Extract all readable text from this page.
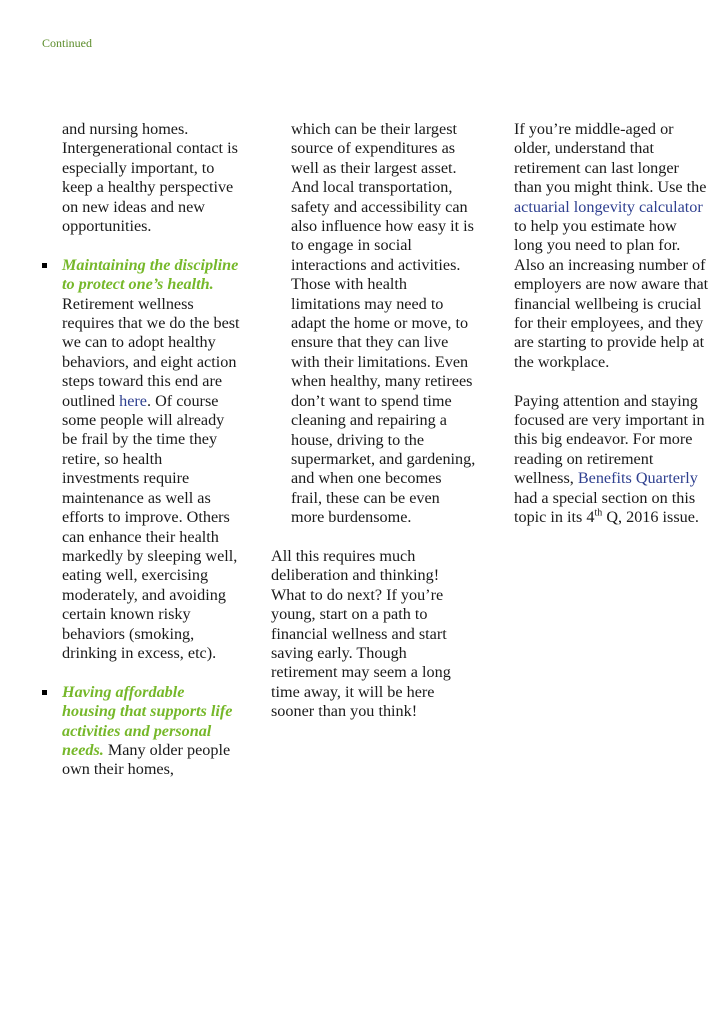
Continued

and nursing homes. Intergenerational contact is especially important, to keep a healthy perspective on new ideas and new opportunities.

Maintaining the discipline to protect one’s health. Retirement wellness requires that we do the best we can to adopt healthy behaviors, and eight action steps toward this end are outlined here. Of course some people will already be frail by the time they retire, so health investments require maintenance as well as efforts to improve. Others can enhance their health markedly by sleeping well, eating well, exercising moderately, and avoiding certain known risky behaviors (smoking, drinking in excess, etc).

Having affordable housing that supports life activities and personal needs. Many older people own their homes,

which can be their largest source of expenditures as well as their largest asset. And local transportation, safety and accessibility can also influence how easy it is to engage in social interactions and activities. Those with health limitations may need to adapt the home or move, to ensure that they can live with their limitations. Even when healthy, many retirees don’t want to spend time cleaning and repairing a house, driving to the supermarket, and gardening, and when one becomes frail, these can be even more burdensome.

All this requires much deliberation and thinking! What to do next? If you’re young, start on a path to financial wellness and start saving early. Though retirement may seem a long time away, it will be here sooner than you think!

If you’re middle-aged or older, understand that retirement can last longer than you might think. Use the actuarial longevity calculator to help you estimate how long you need to plan for. Also an increasing number of employers are now aware that financial wellbeing is crucial for their employees, and they are starting to provide help at the workplace.

Paying attention and staying focused are very important in this big endeavor. For more reading on retirement wellness, Benefits Quarterly had a special section on this topic in its 4th Q, 2016 issue.
